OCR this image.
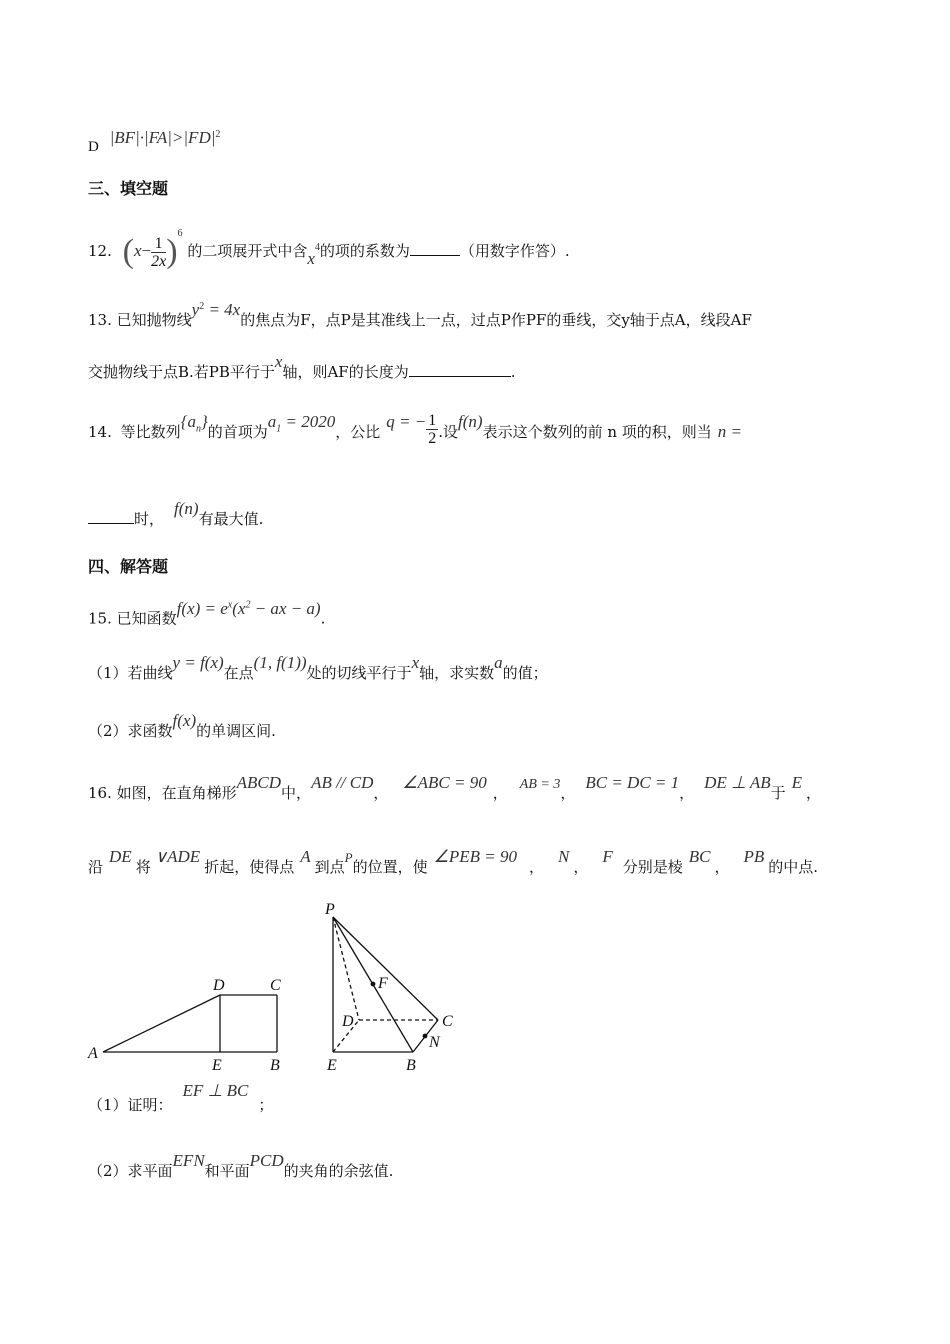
D $|BF|\cdot|FA|>|FD|^2$
三、填空题
12. $(x- \frac{1}{2x} )^6$ 的二项展开式中含$x^4$的项的系数为	（用数字作答）.
13. 已知抛物线$y^2 = 4x$的焦点为F，点P是其准线上一点，过点P作PF的垂线，交y轴于点A，线段AF
交抛物线于点B.若PB平行于x轴，则AF的长度为	.
14. 等比数列$\{a_n\}$的首项为$a_1 = 2020$，公比q = − $\frac{1}{2}$ .设f(n)表示这个数列的前 n 项的积，则当 n =
时，f(n)有最大值.
四、解答题
15. 已知函数$f(x) = e^x(x^2$ − ax − a).
（1）若曲线y = f(x)在点(1, f(1))处的切线平行于x轴，求实数a的值；
（2）求函数f(x)的单调区间.
16. 如图，在直角梯形ABCD中，AB // CD，∠ABC = 90， AB = 3，BC = DC = 1，DE ⊥ AB于E，
沿DE将∨ADE折起，使得点A到点P的位置，使∠PEB = 90，N，F分别是棱BC，PB的中点.
A
D	C
E	B
P
F
D	C
N
E	B
（1）证明：EF ⊥ BC；
（2）求平面EFN和平面PCD的夹角的余弦值.
